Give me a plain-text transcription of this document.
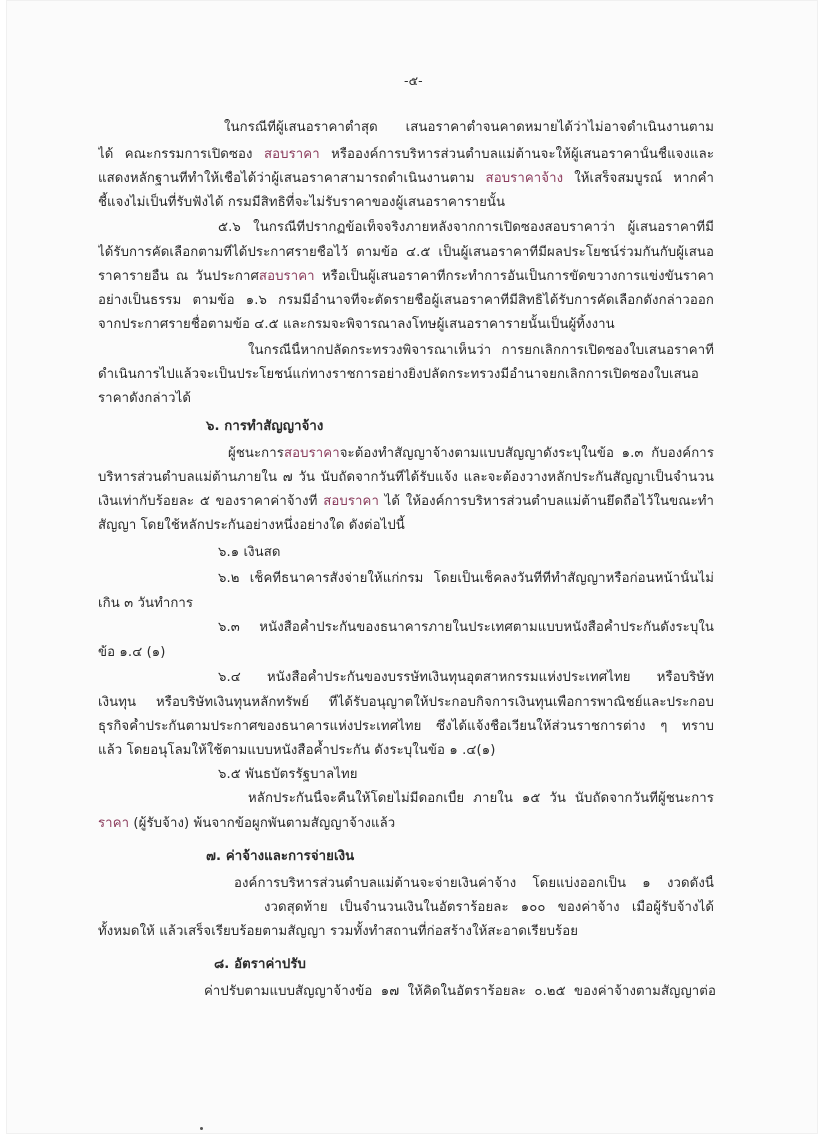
-๕-
ในกรณีที่ผู้เสนอราคาต่ำสุด เสนอราคาต่ำจนคาดหมายได้ว่าไม่อาจดำเนินงานตาม
ได้ คณะกรรมการเปิดซอง สอบราคา หรือองค์การบริหารส่วนตำบลแม่ต้านจะให้ผู้เสนอราคานั้นชี้แจงและ
แสดงหลักฐานที่ทำให้เชื่อได้ว่าผู้เสนอราคาสามารถดำเนินงานตาม สอบราคาจ้าง ให้เสร็จสมบูรณ์ หากคำ
ชี้แจงไม่เป็นที่รับฟังได้ กรมมีสิทธิที่จะไม่รับราคาของผู้เสนอราคารายนั้น
๕.๖ ในกรณีที่ปรากฏข้อเท็จจริงภายหลังจากการเปิดซองสอบราคาว่า ผู้เสนอราคาที่มี
ได้รับการคัดเลือกตามที่ได้ประกาศรายชื่อไว้ ตามข้อ ๔.๕ เป็นผู้เสนอราคาที่มีผลประโยชน์ร่วมกันกับผู้เสนอ
ราคารายอื่น ณ วันประกาศสอบราคา หรือเป็นผู้เสนอราคาที่กระทำการอันเป็นการขัดขวางการแข่งขันราคา
อย่างเป็นธรรม ตามข้อ ๑.๖ กรมมีอำนาจที่จะตัดรายชื่อผู้เสนอราคาที่มีสิทธิได้รับการคัดเลือกดังกล่าวออก
จากประกาศรายชื่อตามข้อ ๔.๕ และกรมจะพิจารณาลงโทษผู้เสนอราคารายนั้นเป็นผู้ทิ้งงาน
ในกรณีนี้หากปลัดกระทรวงพิจารณาเห็นว่า การยกเลิกการเปิดซองใบเสนอราคาที่
ดำเนินการไปแล้วจะเป็นประโยชน์แก่ทางราชการอย่างยิ่งปลัดกระทรวงมีอำนาจยกเลิกการเปิดซองใบเสนอ
ราคาดังกล่าวได้
๖. การทำสัญญาจ้าง
ผู้ชนะการสอบราคาจะต้องทำสัญญาจ้างตามแบบสัญญาดังระบุในข้อ ๑.๓ กับองค์การ
บริหารส่วนตำบลแม่ต้านภายใน ๗ วัน นับถัดจากวันที่ได้รับแจ้ง และจะต้องวางหลักประกันสัญญาเป็นจำนวน
เงินเท่ากับร้อยละ ๕ ของราคาค่าจ้างที่ สอบราคา ได้ ให้องค์การบริหารส่วนตำบลแม่ต้านยึดถือไว้ในขณะทำ
สัญญา โดยใช้หลักประกันอย่างหนึ่งอย่างใด ดังต่อไปนี้
๖.๑ เงินสด
๖.๒ เช็คที่ธนาคารสั่งจ่ายให้แก่กรม โดยเป็นเช็คลงวันที่ที่ทำสัญญาหรือก่อนหน้านั้นไม่
เกิน ๓ วันทำการ
๖.๓ หนังสือค้ำประกันของธนาคารภายในประเทศตามแบบหนังสือค้ำประกันดังระบุใน
ข้อ ๑.๔ (๑)
๖.๔ หนังสือค้ำประกันของบรรษัทเงินทุนอุตสาหกรรมแห่งประเทศไทย หรือบริษัท
เงินทุน หรือบริษัทเงินทุนหลักทรัพย์ ที่ได้รับอนุญาตให้ประกอบกิจการเงินทุนเพื่อการพาณิชย์และประกอบ
ธุรกิจค้ำประกันตามประกาศของธนาคารแห่งประเทศไทย ซึ่งได้แจ้งชื่อเวียนให้ส่วนราชการต่าง ๆ ทราบ
แล้ว โดยอนุโลมให้ใช้ตามแบบหนังสือค้ำประกัน ดังระบุในข้อ ๑ .๔(๑)
๖.๕ พันธบัตรรัฐบาลไทย
หลักประกันนี้จะคืนให้โดยไม่มีดอกเบี้ย ภายใน ๑๕ วัน นับถัดจากวันที่ผู้ชนะการ
ราคา (ผู้รับจ้าง) พ้นจากข้อผูกพันตามสัญญาจ้างแล้ว
๗. ค่าจ้างและการจ่ายเงิน
องค์การบริหารส่วนตำบลแม่ต้านจะจ่ายเงินค่าจ้าง โดยแบ่งออกเป็น ๑ งวดดังนี้
งวดสุดท้าย เป็นจำนวนเงินในอัตราร้อยละ ๑๐๐ ของค่าจ้าง เมื่อผู้รับจ้างได้
ทั้งหมดให้ แล้วเสร็จเรียบร้อยตามสัญญา รวมทั้งทำสถานที่ก่อสร้างให้สะอาดเรียบร้อย
๘. อัตราค่าปรับ
ค่าปรับตามแบบสัญญาจ้างข้อ ๑๗ ให้คิดในอัตราร้อยละ ๐.๒๕ ของค่าจ้างตามสัญญาต่อ
